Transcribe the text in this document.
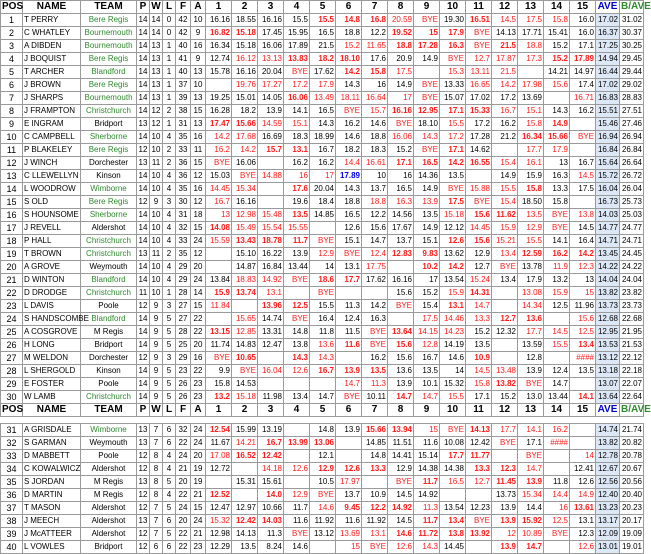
POS	NAME	TEAM	P	W	L	F	A	1	2	3	4	5	6	7	8	9	10	11	12	13	14	15	AVE	B/AVE
1	T PERRY	Bere Regis	14	14	0	42	10	16.16	18.55	16.16	15.5	15.5	14.8	16.8	20.59	BYE	19.30	16.51	14.5	17.5	15.8	16.0	17.02	31.02
2	C WHATLEY	Bournemouth	14	14	0	42	9	16.82	15.18	17.45	15.95	16.5	18.8	12.2	19.52	15	17.9	BYE	14.13	17.71	15.41	16.0	16.37	30.37
3	A DIBDEN	Bournemouth	14	13	1	40	16	16.34	15.18	16.06	17.89	21.5	15.2	11.65	18.8	17.28	16.3	BYE	21.5	18.8	15.2	17.1	17.25	30.25
4	J BOQUIST	Bere Regis	14	13	1	41	9	12.74	16.12	13.13	13.83	18.2	18.10	17.6	20.9	14.9	BYE	12.7	17.87	17.3	15.2	17.89	14.94	29.45
5	T ARCHER	Blandford	14	13	1	40	13	15.78	16.16	20.04	BYE	17.62	14.2	15.8	17.5		15.3	13.11	21.5		14.21	14.97	16.44	29.44
6	J BROWN	Bere Regis	14	13	1	37	10		19.76	17.27	17.2	17.9	14.3	16	14.9	BYE	13.33	16.65	14.2	17.98	15.6	17.4	17.02	29.02
7	J SHARPS	Bournemouth	14	13	1	39	13	19.25	15.01	14.05	16.06	13.49	18.11	16.64	17	BYE	15.07	17.02	17.2	13.69		16.71	16.83	28.83
8	J FRAMPTON	Christchurch	14	12	2	38	15	16.28	18.2	13.9	14.1	16.5	BYE	15.7	16.16	12.95	17.1	15.33	16.7	15.1	14.3	16.2	15.51	27.51
9	E INGRAM	Bridport	13	12	1	31	13	17.47	15.66	14.59	15.1	14.3	16.2	14.6	BYE	18.10	15.5	17.2	16.2	15.8	14.9		15.46	27.46
10	C CAMPBELL	Sherborne	14	10	4	35	16	14.2	17.68	16.69	18.3	18.99	14.6	18.8	16.06	14.3	17.2	17.28	21.2	16.34	15.66	BYE	16.94	26.94
11	P BLAKELEY	Bere Regis	12	10	2	33	11	16.2	14.2	15.7	13.1	16.7	18.2	18.3	15.2	BYE	17.1	14.62		17.7	17.9		16.84	26.84
12	J WINCH	Dorchester	13	11	2	36	15	BYE	16.06		16.2	16.2	14.4	16.61	17.1	16.5	14.2	16.55	15.4	16.1	13	16.7	15.64	26.64
13	C LLEWELLYN	Kinson	14	10	4	36	12	15.03	BYE	14.88	16	17	17.89	10	16	14.36	13.5		14.9	15.9	16.3	14.5	15.72	26.72
14	L WOODROW	Wimborne	14	10	4	35	16	14.45	15.34		17.6	20.04	14.3	13.7	16.5	14.9	BYE	15.88	15.5	15.8	13.3	17.5	16.04	26.04
15	S OLD	Bere Regis	12	9	3	30	12	16.7	16.16		19.6	18.4	18.8	18.8	16.3	13.9	17.5	BYE	15.4	18.50	15.8		16.73	25.73
16	S HOUNSOME	Sherborne	14	10	4	31	18	13	12.98	15.48	13.5	14.85	16.5	12.2	14.56	13.5	15.18	15.6	11.62	13.5	BYE	13.8	14.03	25.03
17	J REVELL	Aldershot	14	10	4	32	15	14.08	15.49	15.54	15.55		12.6	15.6	17.67	14.9	12.12	14.45	15.9	12.9	BYE	14.5	14.77	24.77
18	P HALL	Christchurch	14	10	4	33	24	15.59	13.43	18.78	11.7	BYE	15.1	14.7	13.7	15.1	12.6	15.6	15.21	15.5	14.1	16.4	14.71	24.71
19	T BROWN	Christchurch	13	11	2	35	12		15.10	16.22	13.9	12.9	BYE	12.4	12.83	9.83	13.62	12.9	13.4	12.59	16.2	14.2	13.45	24.45
20	A GROVE	Weymouth	14	10	4	29	20		14.87	16.84	13.44	14	13.1	17.75		10.2	14.2	12.7	BYE	13.78	11.9	12.3	14.22	24.22
21	D WINTON	Blandford	14	10	4	29	24	13.84	18.83	14.92	BYE	18.6	17.7	17.62	16.16	17	13.54	15.24	13.4	17.9	13.2	13	14.04	24.04
22	D DRODGE	Christchurch	11	10	1	28	14	15.9	13.74	13.1		BYE			15.6	15.2	15.9	14.31		13.08	15.9	15	13.82	23.82
23	L DAVIS	Poole	12	9	3	27	15	11.84		13.96	12.5	15.5	11.3	14.2	BYE	15.4	13.1	14.7		14.34	12.5	11.96	13.73	23.73
24	S HANDSCOMBE	Blandford	14	9	5	27	22		15.65	14.74	BYE	16.4	12.4	16.3		17.5	14.46	13.3	12.7	13.6		15.6	12.68	22.68
25	A COSGROVE	M Regis	14	9	5	28	22	13.15	12.85	13.31	14.8	11.8	11.5	BYE	13.64	14.15	14.23	15.2	12.32	17.7	14.5	12.5	12.95	21.95
26	H LONG	Bridport	14	9	5	25	20	11.74	14.83	12.47	13.8	13.6	11.6	BYE	15.6	12.8	14.19	13.5		13.59	15.5	13.4	13.53	21.53
27	M WELDON	Dorchester	12	9	3	29	16	BYE	10.65		14.3	14.3		16.2	15.6	16.7	14.6	10.9		12.8		####	13.12	22.12
28	L SHERGOLD	Kinson	14	9	5	23	22	9.9	BYE	16.04	12.6	16.7	13.9	13.5	13.6	13.5	14	14.5	13.48	13.9	12.4	13.5	13.18	22.18
29	E FOSTER	Poole	14	9	5	26	23	15.8	14.53				14.7	11.3	13.9	10.1	15.32	15.8	13.82	BYE	14.7		13.07	22.07
30	W LAMB	Christchurch	14	9	5	26	23	13.2	15.18	11.98	13.4	14.7	BYE	10.11	14.7	14.7	15.5	17.1	15.2	13.0	13.44	14.1	13.64	22.64
POS	NAME	TEAM	P	W	L	F	A	1	2	3	4	5	6	7	8	9	10	11	12	13	14	15	AVE	B/AVE

31	A GRISDALE	Wimborne	13	7	6	32	24	12.54	15.99	13.19		14.8	13.9	15.66	13.94	15	BYE	14.13	17.7	14.1	16.2		14.74	21.74
32	S GARMAN	Weymouth	13	7	6	22	24	11.67	14.21	16.7	13.99	13.06		14.85	11.51	11.6	10.08	12.42	BYE	17.1	####		13.82	20.82
33	D MABBETT	Poole	12	8	4	24	20	17.08	16.52	12.42		12.1		14.8	14.41	15.14	17.7	11.77		BYE		14	12.78	20.78
34	C KOWALWICZ	Aldershot	12	8	4	21	19	12.72		14.18	12.6	12.9	12.6	13.3	12.9	14.38	14.38	13.3	12.3	14.7		12.41	12.67	20.67
35	S JORDAN	M Regis	13	8	5	20	19		15.31	15.61		10.5	17.97		BYE	11.7	16.5	12.7	11.45	13.9	11.8	12.6	12.56	20.56
36	D MARTIN	M Regis	12	8	4	22	21	12.52		14.0	12.9	BYE	13.7	10.9	14.5	14.92			13.73	15.34	14.4	14.9	12.40	20.40
37	T MASON	Aldershot	12	7	5	24	15	12.47	12.97	10.66	11.7	14.6	9.45	12.2	14.92	11.3	13.54	12.23	13.9	14.4	16	13.61	13.23	20.23
38	J MEECH	Aldershot	13	7	6	20	24	15.32	12.42	14.03	11.6	11.92	11.6	11.92	14.5	11.7	13.4	BYE	13.9	15.92	12.5	13.1	13.17	20.17
39	J McATTEER	Aldershot	12	7	5	22	21	12.98	14.13	11.3	BYE	13.12	13.69	13.1	14.6	11.72	13.8	13.92	12	10.89	BYE	12.3	12.09	19.09
40	L VOWLES	Bridport	12	6	6	22	23	12.29	13.5	8.24	14.6		15	BYE	12.6	14.3	14.45		13.9	14.7		12.6	13.01	19.01
